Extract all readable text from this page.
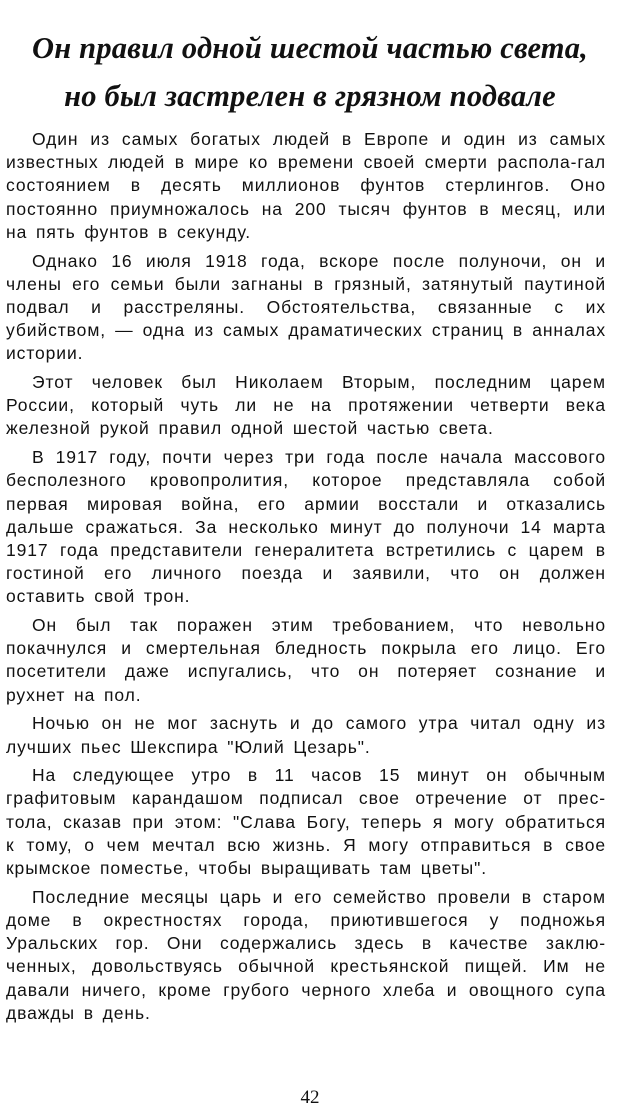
Он правил одной шестой частью света,
но был застрелен в грязном подвале

Один из самых богатых людей в Европе и один из самых известных людей в мире ко времени своей смерти распола-гал состоянием в десять миллионов фунтов стерлингов. Оно постоянно приумножалось на 200 тысяч фунтов в месяц, или на пять фунтов в секунду.

Однако 16 июля 1918 года, вскоре после полуночи, он и члены его семьи были загнаны в грязный, затянутый паутиной подвал и расстреляны. Обстоятельства, связанные с их убийством, — одна из самых драматических страниц в анналах истории.

Этот человек был Николаем Вторым, последним царем России, который чуть ли не на протяжении четверти века железной рукой правил одной шестой частью света.

В 1917 году, почти через три года после начала массового бесполезного кровопролития, которое представляла собой первая мировая война, его армии восстали и отказались дальше сражаться. За несколько минут до полуночи 14 марта 1917 года представители генералитета встретились с царем в гостиной его личного поезда и заявили, что он должен оставить свой трон.

Он был так поражен этим требованием, что невольно покачнулся и смертельная бледность покрыла его лицо. Его посетители даже испугались, что он потеряет сознание и рухнет на пол.

Ночью он не мог заснуть и до самого утра читал одну из лучших пьес Шекспира "Юлий Цезарь".

На следующее утро в 11 часов 15 минут он обычным графитовым карандашом подписал свое отречение от прес-тола, сказав при этом: "Слава Богу, теперь я могу обратиться к тому, о чем мечтал всю жизнь. Я могу отправиться в свое крымское поместье, чтобы выращивать там цветы".

Последние месяцы царь и его семейство провели в старом доме в окрестностях города, приютившегося у подножья Уральских гор. Они содержались здесь в качестве заклю-ченных, довольствуясь обычной крестьянской пищей. Им не давали ничего, кроме грубого черного хлеба и овощного супа дважды в день.

42
